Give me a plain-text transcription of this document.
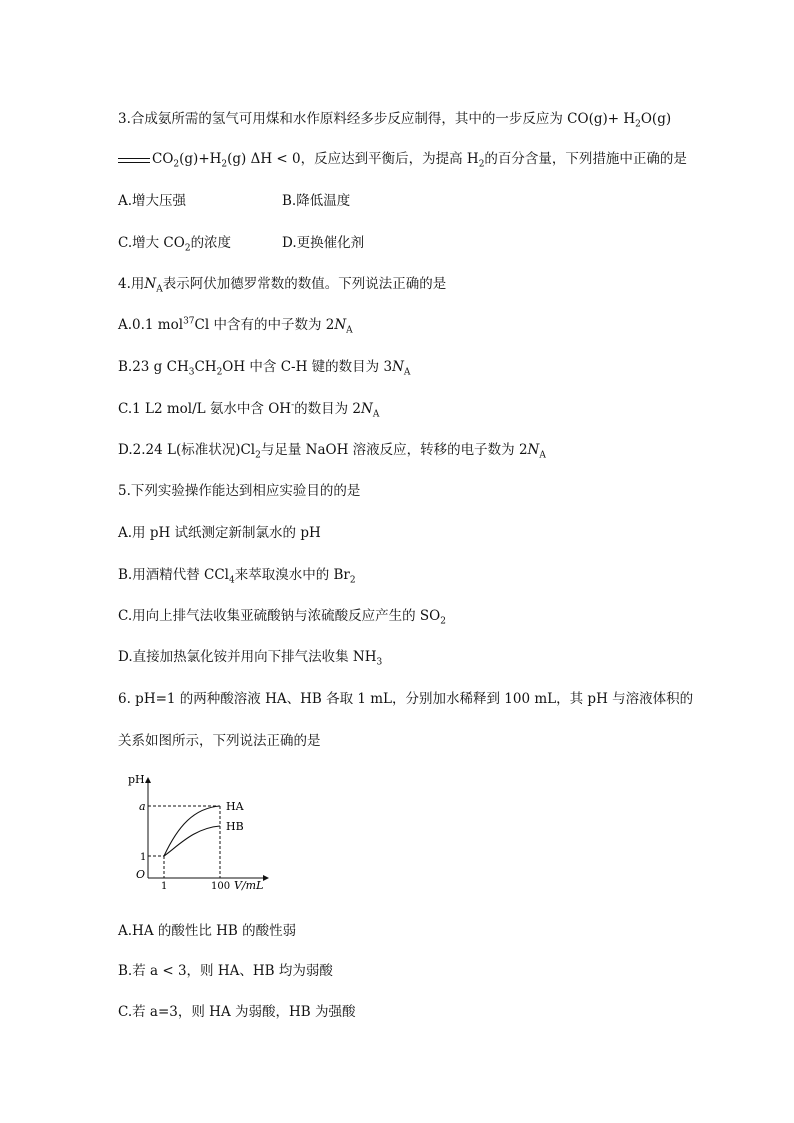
3.合成氨所需的氢气可用煤和水作原料经多步反应制得，其中的一步反应为 $CO(g)+ H_2O(g)$
$CO_2(g)+H_2(g) \Delta H < 0$，反应达到平衡后，为提高 $H_2$的百分含量，下列措施中正确的是
A.增大压强	B.降低温度
C.增大 $CO_2$的浓度	D.更换催化剂
4.用$N_A$表示阿伏加德罗常数的数值。下列说法正确的是
A.0.1 mol$^{37}$Cl 中含有的中子数为 $2N_A$
B.23 g $CH_3CH_2OH$ 中含 C-H 键的数目为 $3N_A$
C.1 L2 mol/L 氨水中含 OH-的数目为 $2N_A$
D.2.24 L(标准状况)$Cl_2$与足量 NaOH 溶液反应，转移的电子数为 $2N_A$
5.下列实验操作能达到相应实验目的的是
A.用 pH 试纸测定新制氯水的 pH
B.用酒精代替 CCl$_4$来萃取溴水中的 $Br_2$
C.用向上排气法收集亚硫酸钠与浓硫酸反应产生的 $SO_2$
D.直接加热氯化铵并用向下排气法收集 $NH_3$
6. pH=1 的两种酸溶液 HA、HB 各取 1 mL，分别加水稀释到 100 mL，其 pH 与溶液体积的
关系如图所示，下列说法正确的是
pH
O
V/mL
HA
HB
1	100
1
a
A.HA 的酸性比 HB 的酸性弱
B.若 a < 3，则 HA、HB 均为弱酸
C.若 a=3，则 HA 为弱酸，HB 为强酸
